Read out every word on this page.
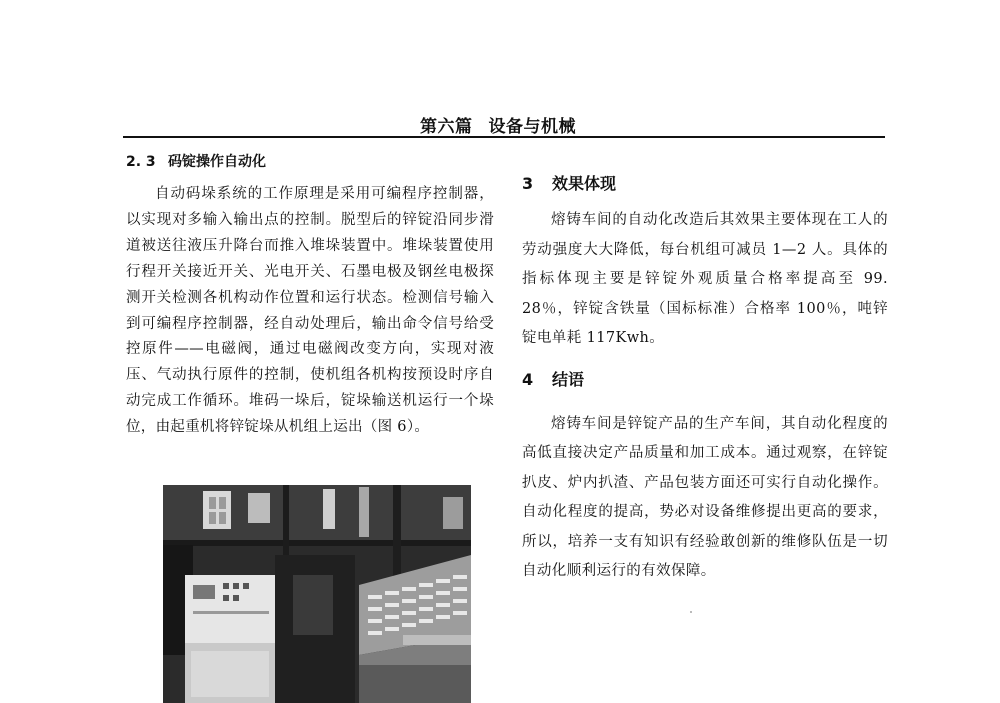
第六篇 设备与机械
2. 3 码锭操作自动化

自动码垛系统的工作原理是采用可编程序控制器，以实现对多输入输出点的控制。脱型后的锌锭沿同步滑道被送往液压升降台而推入堆垛装置中。堆垛装置使用行程开关接近开关、光电开关、石墨电极及钢丝电极探测开关检测各机构动作位置和运行状态。检测信号输入到可编程序控制器，经自动处理后，输出命令信号给受控原件——电磁阀，通过电磁阀改变方向，实现对液压、气动执行原件的控制，使机组各机构按预设时序自动完成工作循环。堆码一垛后，锭垛输送机运行一个垛位，由起重机将锌锭垛从机组上运出（图 6）。

3 效果体现

熔铸车间的自动化改造后其效果主要体现在工人的劳动强度大大降低，每台机组可减员 1—2 人。具体的指标体现主要是锌锭外观质量合格率提高至 99. 28％，锌锭含铁量（国标标准）合格率 100％，吨锌锭电单耗 117Kwh。

4 结语

熔铸车间是锌锭产品的生产车间，其自动化程度的高低直接决定产品质量和加工成本。通过观察，在锌锭扒皮、炉内扒渣、产品包装方面还可实行自动化操作。自动化程度的提高，势必对设备维修提出更高的要求，所以，培养一支有知识有经验敢创新的维修队伍是一切自动化顺利运行的有效保障。
